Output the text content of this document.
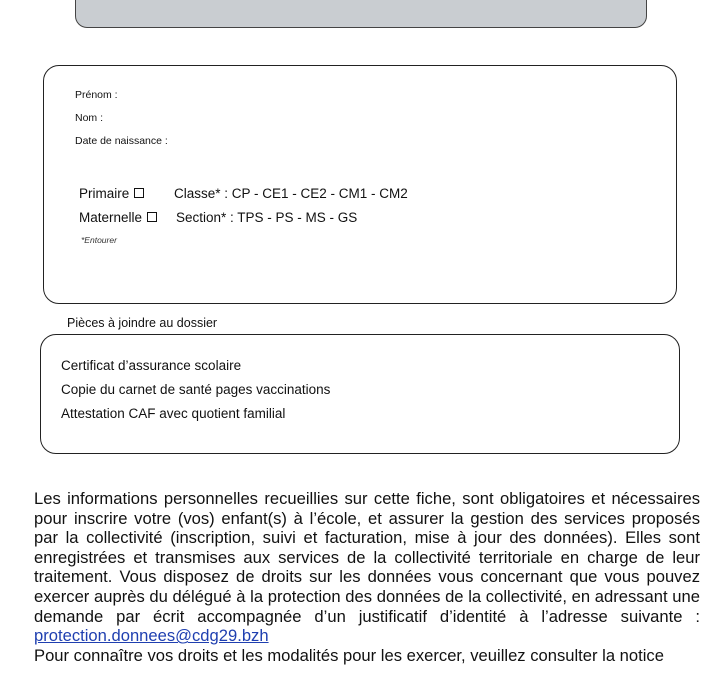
Prénom :
Nom :
Date de naissance :
Primaire	Classe* : CP - CE1 - CE2 - CM1 - CM2
Maternelle	Section* : TPS - PS - MS - GS
*Entourer
Pièces à joindre au dossier
Certificat d’assurance scolaire
Copie du carnet de santé pages vaccinations
Attestation CAF avec quotient familial
Les informations personnelles recueillies sur cette fiche, sont obligatoires et nécessaires pour inscrire votre (vos) enfant(s) à l’école, et assurer la gestion des services proposés par la collectivité (inscription, suivi et facturation, mise à jour des données). Elles sont enregistrées et transmises aux services de la collectivité territoriale en charge de leur traitement. Vous disposez de droits sur les données vous concernant que vous pouvez exercer auprès du délégué à la protection des données de la collectivité, en adressant une demande par écrit accompagnée d’un justificatif d’identité à l’adresse suivante : protection.donnees@cdg29.bzh
Pour connaître vos droits et les modalités pour les exercer, veuillez consulter la notice
